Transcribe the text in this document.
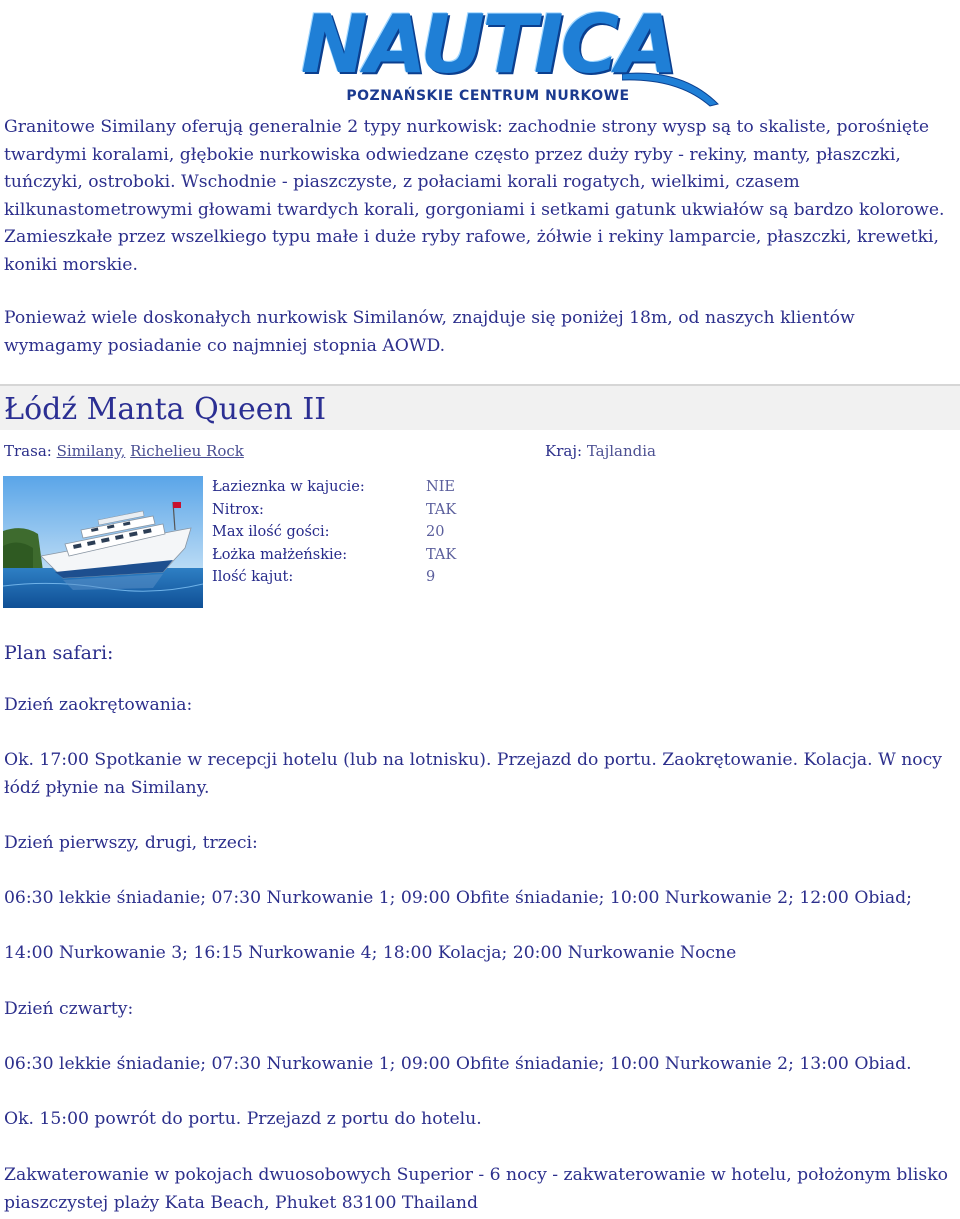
NAUTICA
POZNAŃSKIE CENTRUM NURKOWE

Granitowe Similany oferują generalnie 2 typy nurkowisk: zachodnie strony wysp są to skaliste, porośnięte twardymi koralami, głębokie nurkowiska odwiedzane często przez duży ryby - rekiny, manty, płaszczki, tuńczyki, ostroboki. Wschodnie - piaszczyste, z połaciami korali rogatych, wielkimi, czasem kilkunastometrowymi głowami twardych korali, gorgoniami i setkami gatunk ukwiałów są bardzo kolorowe. Zamieszkałe przez wszelkiego typu małe i duże ryby rafowe, żółwie i rekiny lamparcie, płaszczki, krewetki, koniki morskie.

Ponieważ wiele doskonałych nurkowisk Similanów, znajduje się poniżej 18m, od naszych klientów wymagamy posiadanie co najmniej stopnia AOWD.

Łódź Manta Queen II
Trasa: Similany, Richelieu Rock	Kraj: Tajlandia
Łazieznka w kajucie:	NIE
Nitrox:	TAK
Max ilość gości:	20
Łożka małżeńskie:	TAK
Ilość kajut:	9
Plan safari:

Dzień zaokrętowania:

Ok. 17:00 Spotkanie w recepcji hotelu (lub na lotnisku). Przejazd do portu. Zaokrętowanie. Kolacja. W nocy łódź płynie na Similany.

Dzień pierwszy, drugi, trzeci:

06:30 lekkie śniadanie; 07:30 Nurkowanie 1; 09:00 Obfite śniadanie; 10:00 Nurkowanie 2; 12:00 Obiad;

14:00 Nurkowanie 3; 16:15 Nurkowanie 4; 18:00 Kolacja; 20:00 Nurkowanie Nocne

Dzień czwarty:

06:30 lekkie śniadanie; 07:30 Nurkowanie 1; 09:00 Obfite śniadanie; 10:00 Nurkowanie 2; 13:00 Obiad.

Ok. 15:00 powrót do portu. Przejazd z portu do hotelu.

Zakwaterowanie w pokojach dwuosobowych Superior - 6 nocy - zakwaterowanie w hotelu, położonym blisko piaszczystej plaży Kata Beach, Phuket 83100 Thailand
